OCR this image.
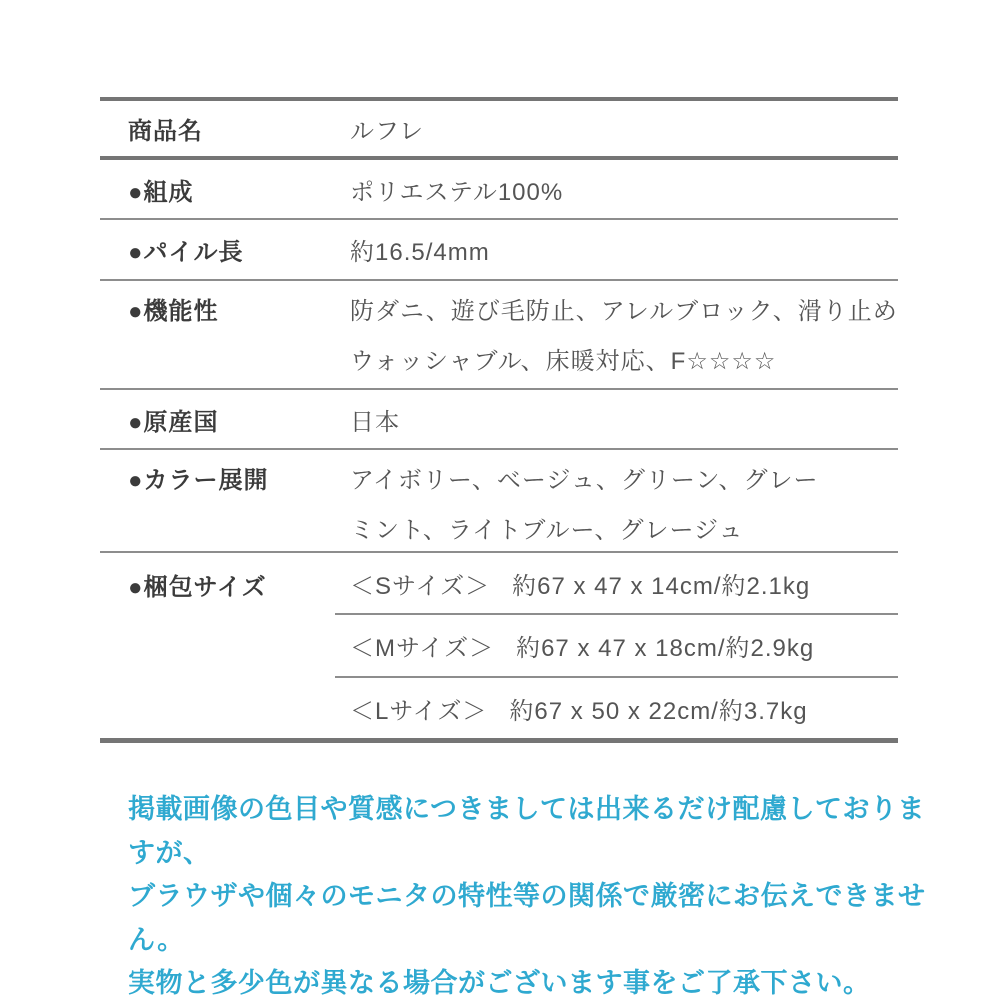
商品名	ルフレ
●組成	ポリエステル100%
●パイル長	約16.5/4mm
●機能性	防ダニ、遊び毛防止、アレルブロック、滑り止め
ウォッシャブル、床暖対応、F☆☆☆☆
●原産国	日本
●カラー展開	アイボリー、ベージュ、グリーン、グレー
ミント、ライトブルー、グレージュ
●梱包サイズ	＜Sサイズ＞ 約67 x 47 x 14cm/約2.1kg
＜Mサイズ＞ 約67 x 47 x 18cm/約2.9kg
＜Lサイズ＞ 約67 x 50 x 22cm/約3.7kg
掲載画像の色目や質感につきましては出来るだけ配慮しておりますが、
ブラウザや個々のモニタの特性等の関係で厳密にお伝えできません。
実物と多少色が異なる場合がございます事をご了承下さい。
